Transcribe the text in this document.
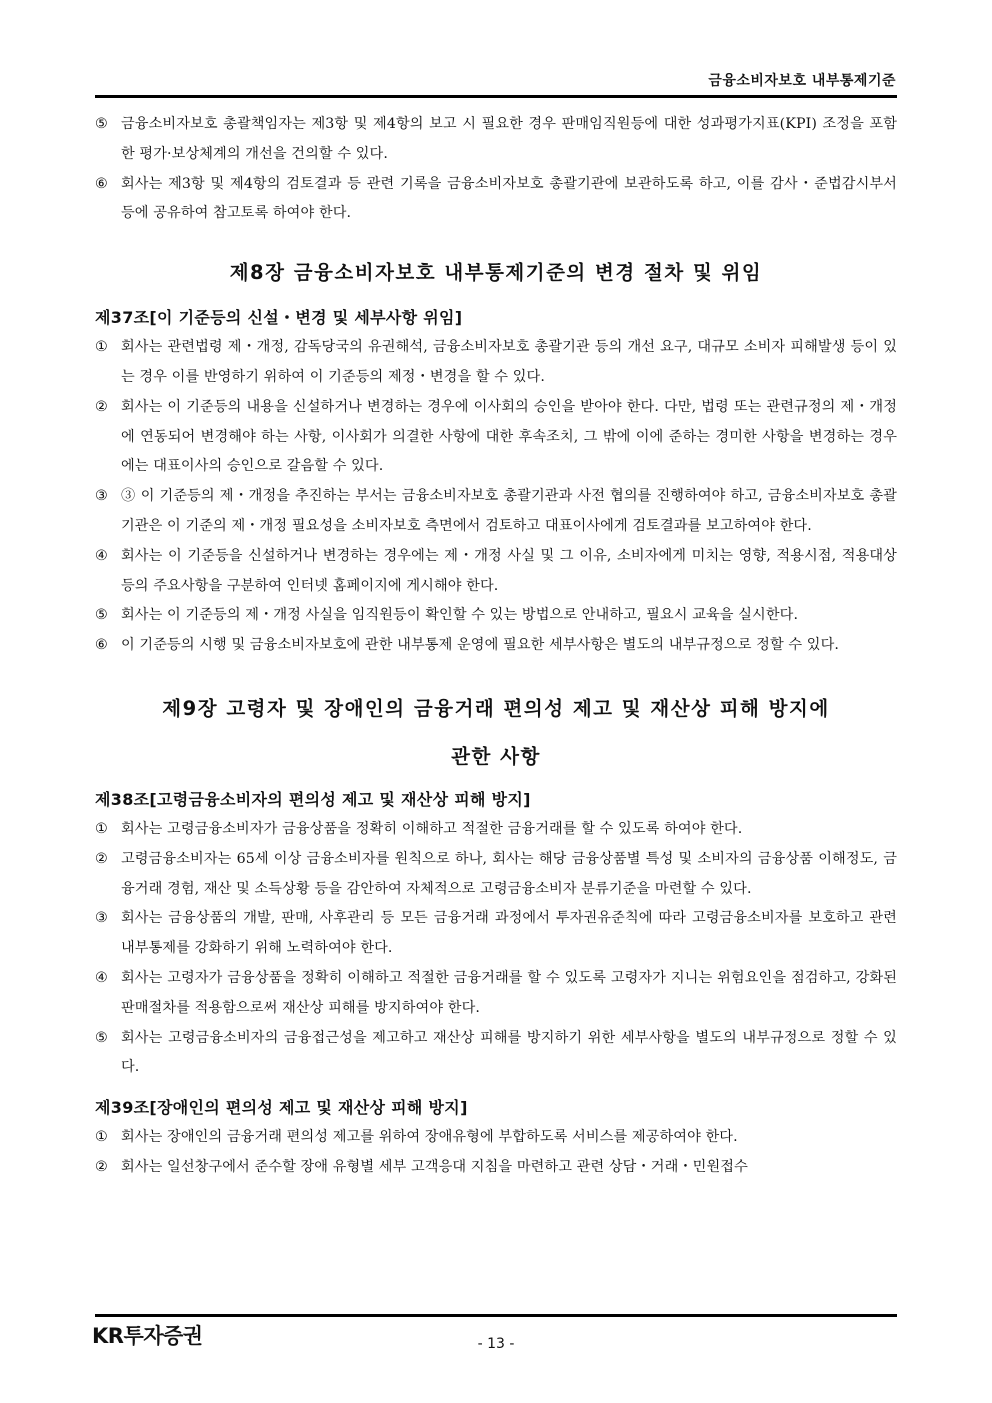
금융소비자보호 내부통제기준
⑤ 금융소비자보호 총괄책임자는 제3항 및 제4항의 보고 시 필요한 경우 판매임직원등에 대한 성과평가지표(KPI) 조정을 포함한 평가·보상체계의 개선을 건의할 수 있다.
⑥ 회사는 제3항 및 제4항의 검토결과 등 관련 기록을 금융소비자보호 총괄기관에 보관하도록 하고, 이를 감사・준법감시부서 등에 공유하여 참고토록 하여야 한다.
제8장 금융소비자보호 내부통제기준의 변경 절차 및 위임
제37조[이 기준등의 신설・변경 및 세부사항 위임]
① 회사는 관련법령 제・개정, 감독당국의 유권해석, 금융소비자보호 총괄기관 등의 개선 요구, 대규모 소비자 피해발생 등이 있는 경우 이를 반영하기 위하여 이 기준등의 제정・변경을 할 수 있다.
② 회사는 이 기준등의 내용을 신설하거나 변경하는 경우에 이사회의 승인을 받아야 한다. 다만, 법령 또는 관련규정의 제・개정에 연동되어 변경해야 하는 사항, 이사회가 의결한 사항에 대한 후속조치, 그 밖에 이에 준하는 경미한 사항을 변경하는 경우에는 대표이사의 승인으로 갈음할 수 있다.
③ ③ 이 기준등의 제・개정을 추진하는 부서는 금융소비자보호 총괄기관과 사전 협의를 진행하여야 하고, 금융소비자보호 총괄기관은 이 기준의 제・개정 필요성을 소비자보호 측면에서 검토하고 대표이사에게 검토결과를 보고하여야 한다.
④ 회사는 이 기준등을 신설하거나 변경하는 경우에는 제・개정 사실 및 그 이유, 소비자에게 미치는 영향, 적용시점, 적용대상 등의 주요사항을 구분하여 인터넷 홈페이지에 게시해야 한다.
⑤ 회사는 이 기준등의 제・개정 사실을 임직원등이 확인할 수 있는 방법으로 안내하고, 필요시 교육을 실시한다.
⑥ 이 기준등의 시행 및 금융소비자보호에 관한 내부통제 운영에 필요한 세부사항은 별도의 내부규정으로 정할 수 있다.
제9장 고령자 및 장애인의 금융거래 편의성 제고 및 재산상 피해 방지에
관한 사항
제38조[고령금융소비자의 편의성 제고 및 재산상 피해 방지]
① 회사는 고령금융소비자가 금융상품을 정확히 이해하고 적절한 금융거래를 할 수 있도록 하여야 한다.
② 고령금융소비자는 65세 이상 금융소비자를 원칙으로 하나, 회사는 해당 금융상품별 특성 및 소비자의 금융상품 이해정도, 금융거래 경험, 재산 및 소득상황 등을 감안하여 자체적으로 고령금융소비자 분류기준을 마련할 수 있다.
③ 회사는 금융상품의 개발, 판매, 사후관리 등 모든 금융거래 과정에서 투자권유준칙에 따라 고령금융소비자를 보호하고 관련 내부통제를 강화하기 위해 노력하여야 한다.
④ 회사는 고령자가 금융상품을 정확히 이해하고 적절한 금융거래를 할 수 있도록 고령자가 지니는 위험요인을 점검하고, 강화된 판매절차를 적용함으로써 재산상 피해를 방지하여야 한다.
⑤ 회사는 고령금융소비자의 금융접근성을 제고하고 재산상 피해를 방지하기 위한 세부사항을 별도의 내부규정으로 정할 수 있다.
제39조[장애인의 편의성 제고 및 재산상 피해 방지]
① 회사는 장애인의 금융거래 편의성 제고를 위하여 장애유형에 부합하도록 서비스를 제공하여야 한다.
② 회사는 일선창구에서 준수할 장애 유형별 세부 고객응대 지침을 마련하고 관련 상담・거래・민원접수
KR투자증권	- 13 -
